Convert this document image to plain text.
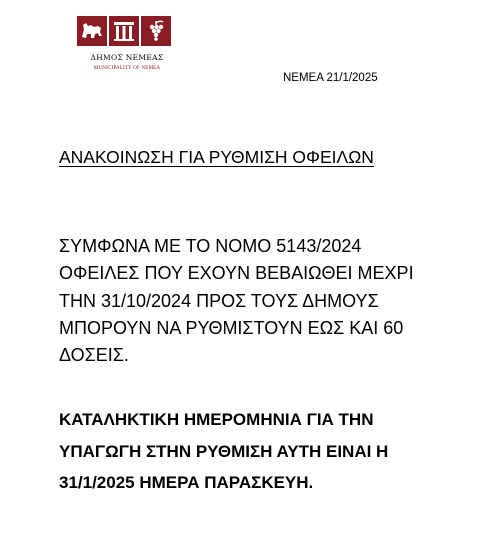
ΔΗΜΟΣ ΝΕΜΕΑΣ
MUNICIPALITY OF NEMEA
ΝΕΜΕΑ 21/1/2025
ΑΝΑΚΟΙΝΩΣΗ ΓΙΑ ΡΥΘΜΙΣΗ ΟΦΕΙΛΩΝ
ΣΥΜΦΩΝΑ ΜΕ ΤΟ ΝΟΜΟ 5143/2024
ΟΦΕΙΛΕΣ ΠΟΥ ΕΧΟΥΝ ΒΕΒΑΙΩΘΕΙ ΜΕΧΡΙ
ΤΗΝ 31/10/2024 ΠΡΟΣ ΤΟΥΣ ΔΗΜΟΥΣ
ΜΠΟΡΟΥΝ ΝΑ ΡΥΘΜΙΣΤΟΥΝ ΕΩΣ ΚΑΙ 60
ΔΟΣΕΙΣ.
ΚΑΤΑΛΗΚΤΙΚΗ ΗΜΕΡΟΜΗΝΙΑ ΓΙΑ ΤΗΝ
ΥΠΑΓΩΓΗ ΣΤΗΝ ΡΥΘΜΙΣΗ ΑΥΤΗ ΕΙΝΑΙ Η
31/1/2025 ΗΜΕΡΑ ΠΑΡΑΣΚΕΥΗ.
